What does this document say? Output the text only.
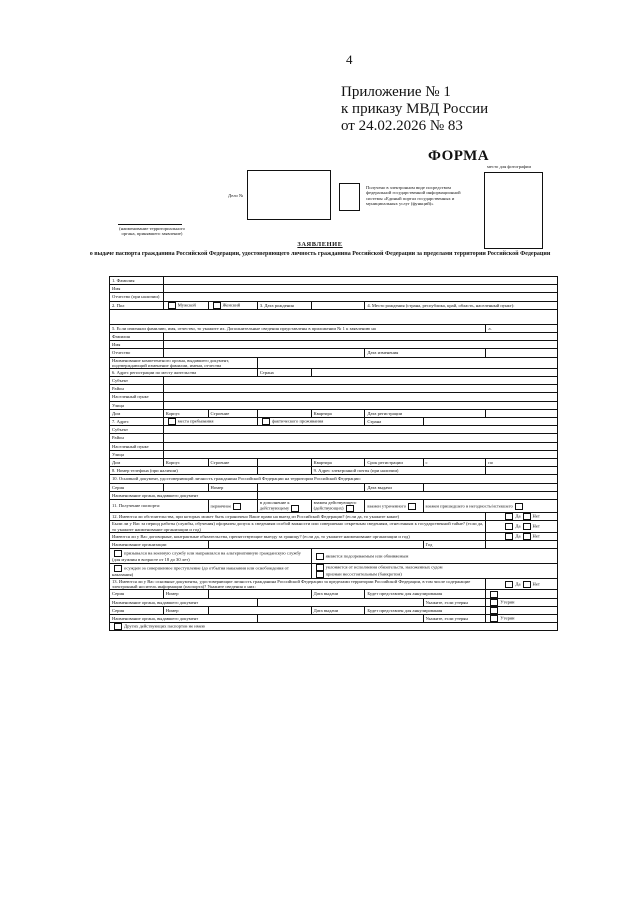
4
Приложение № 1
к приказу МВД России
от 24.02.2026 № 83
ФОРМА
Дело №
Получено в электронном виде посредством федеральной государственной информационной системы «Единый портал государственных и муниципальных услуг (функций)»
место для фотографии
(наименование территориального органа, принявшего заявление)
ЗАЯВЛЕНИЕ
о выдаче паспорта гражданина Российской Федерации, удостоверяющего личность гражданина Российской Федерации за пределами территории Российской Федерации
1. Фамилия							
Имя							
Отчество (при наличии)							
2. Пол	Мужской	Женский	3. Дата рождения		4. Место рождения (страна, республика, край, область, населенный пункт):		

5. Если изменяли фамилию, имя, отчество, то укажите их. Дополнительные сведения представлены в приложении № 1 к заявлению на							л.
Фамилия							
Имя							
Отчество					Дата изменения		
Наименование компетентного органа, выдавшего документ, подтверждающий изменение фамилии, имени, отчества							
6. Адрес регистрации по месту жительства			Страна				
Субъект							
Район							
Населенный пункт							
Улица							
Дом	Корпус	Строение		Квартира	Дата регистрации		
7. Адрес	места пребывания		фактического проживания		Страна		
Субъект							
Район							
Населенный пункт							
Улица							
Дом	Корпус	Строение		Квартира	Срок регистрации	с	по
8. Номер телефона (при наличии)				9. Адрес электронной почты (при наличии)			
10. Основной документ, удостоверяющий личность гражданина Российской Федерации на территории Российской Федерации:							
Серия		Номер			Дата выдачи		
Наименование органа, выдавшего документ							
11. Получение паспорта:		первичное	в дополнение к действующему	взамен действующего (действующих)	взамен утраченного	взамен пришедшего в негодность/истекшего	
12. Имеются ли обстоятельства, при которых может быть ограничено Ваше право на выезд из Российской Федерации? (если да, то укажите какие)							Да Нет
Были ли у Вас за период работы (службы, обучения) оформлен допуск к сведениям особой важности или совершенно секретным сведениям, отнесенным к государственной тайне? (если да, то укажите наименование организации и год)							Да Нет
Имеются ли у Вас договорные, контрактные обязательства, препятствующие выезду за границу? (если да, то укажите наименование организации и год)							Да Нет
Наименование организации						Год	
призывался на военную службу или направлялся на альтернативную гражданскую службу (для мужчин в возрасте от 18 до 30 лет)				является подозреваемым или обвиняемым			
осужден за совершенное преступление (до отбытия наказания или освобождения от наказания)				уклоняется от исполнения обязательств, наложенных судом
признан несостоятельным (банкротом)			
13. Имеются ли у Вас основные документы, удостоверяющие личность гражданина Российской Федерации за пределами территории Российской Федерации, в том числе содержащие электронный носитель информации (паспорта)? Укажите сведения о них:							Да Нет
Серия	Номер			Дата выдачи	Будет представлен для аннулирования		
Наименование органа, выдавшего документ						Укажите, если утерян	Утерян
Серия	Номер			Дата выдачи	Будет представлен для аннулирования		
Наименование органа, выдавшего документ						Укажите, если утерян	Утерян
Других действующих паспортов не имею							
